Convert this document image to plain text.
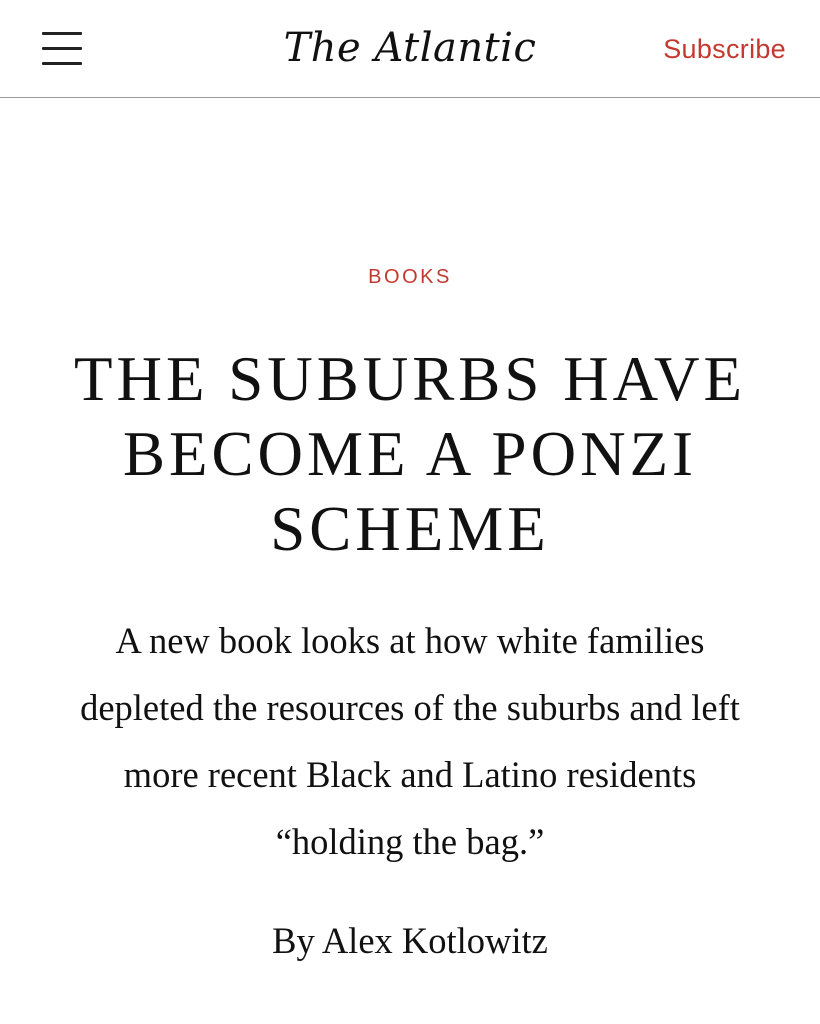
The Atlantic	Subscribe
BOOKS
THE SUBURBS HAVE BECOME A PONZI SCHEME

A new book looks at how white families depleted the resources of the suburbs and left more recent Black and Latino residents “holding the bag.”

By Alex Kotlowitz
